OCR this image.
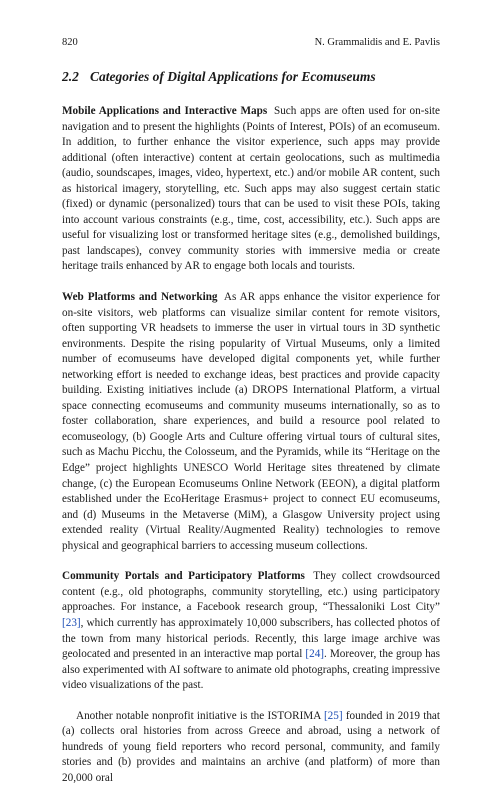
820	N. Grammalidis and E. Pavlis
2.2 Categories of Digital Applications for Ecomuseums

Mobile Applications and Interactive Maps Such apps are often used for on-site navigation and to present the highlights (Points of Interest, POIs) of an ecomuseum. In addition, to further enhance the visitor experience, such apps may provide additional (often interactive) content at certain geolocations, such as multimedia (audio, soundscapes, images, video, hypertext, etc.) and/or mobile AR content, such as historical imagery, storytelling, etc. Such apps may also suggest certain static (fixed) or dynamic (personalized) tours that can be used to visit these POIs, taking into account various constraints (e.g., time, cost, accessibility, etc.). Such apps are useful for visualizing lost or transformed heritage sites (e.g., demolished buildings, past landscapes), convey community stories with immersive media or create heritage trails enhanced by AR to engage both locals and tourists.

Web Platforms and Networking As AR apps enhance the visitor experience for on-site visitors, web platforms can visualize similar content for remote visitors, often supporting VR headsets to immerse the user in virtual tours in 3D synthetic environments. Despite the rising popularity of Virtual Museums, only a limited number of ecomuseums have developed digital components yet, while further networking effort is needed to exchange ideas, best practices and provide capacity building. Existing initiatives include (a) DROPS International Platform, a virtual space connecting ecomuseums and community museums internationally, so as to foster collaboration, share experiences, and build a resource pool related to ecomuseology, (b) Google Arts and Culture offering virtual tours of cultural sites, such as Machu Picchu, the Colosseum, and the Pyramids, while its “Heritage on the Edge” project highlights UNESCO World Heritage sites threatened by climate change, (c) the European Ecomuseums Online Network (EEON), a digital platform established under the EcoHeritage Erasmus+ project to connect EU ecomuseums, and (d) Museums in the Metaverse (MiM), a Glasgow University project using extended reality (Virtual Reality/Augmented Reality) technologies to remove physical and geographical barriers to accessing museum collections.

Community Portals and Participatory Platforms They collect crowdsourced content (e.g., old photographs, community storytelling, etc.) using participatory approaches. For instance, a Facebook research group, “Thessaloniki Lost City” [23], which currently has approximately 10,000 subscribers, has collected photos of the town from many historical periods. Recently, this large image archive was geolocated and presented in an interactive map portal [24]. Moreover, the group has also experimented with AI software to animate old photographs, creating impressive video visualizations of the past.

Another notable nonprofit initiative is the ISTORIMA [25] founded in 2019 that (a) collects oral histories from across Greece and abroad, using a network of hundreds of young field reporters who record personal, community, and family stories and (b) provides and maintains an archive (and platform) of more than 20,000 oral
